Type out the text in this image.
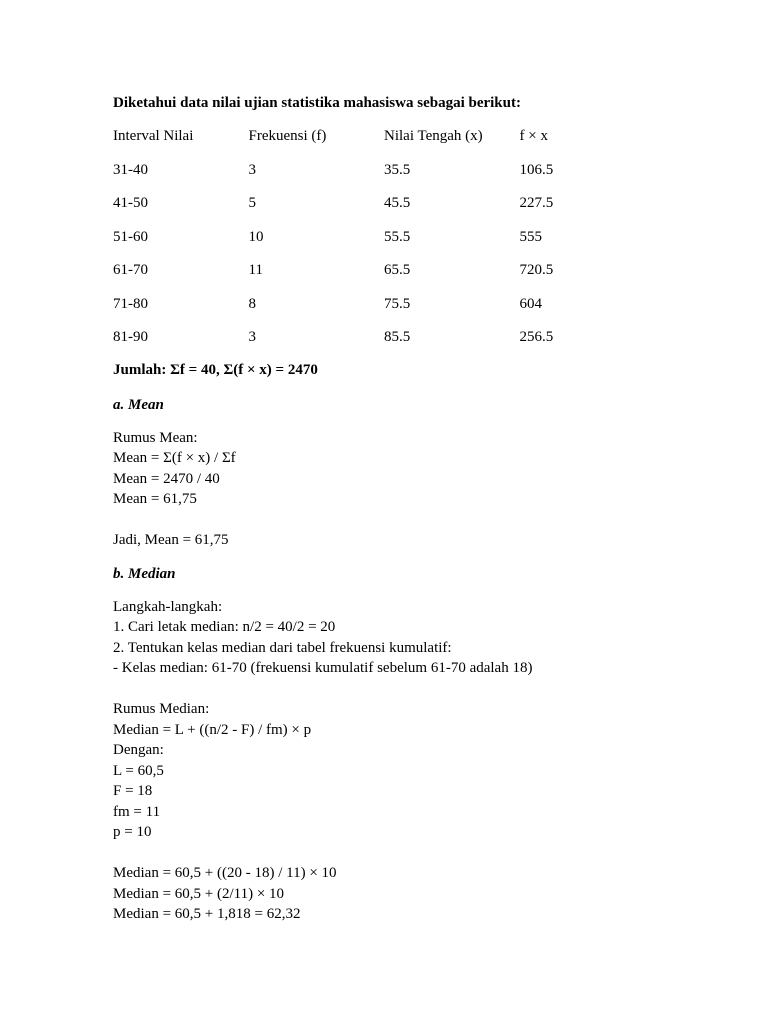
Diketahui data nilai ujian statistika mahasiswa sebagai berikut:

Interval Nilai	Frekuensi (f)	Nilai Tengah (x)	f × x
31-40	3	35.5	106.5
41-50	5	45.5	227.5
51-60	10	55.5	555
61-70	11	65.5	720.5
71-80	8	75.5	604
81-90	3	85.5	256.5

Jumlah: Σf = 40, Σ(f × x) = 2470

a. Mean
Rumus Mean:
Mean = Σ(f × x) / Σf
Mean = 2470 / 40
Mean = 61,75
Jadi, Mean = 61,75
b. Median
Langkah-langkah:
1. Cari letak median: n/2 = 40/2 = 20
2. Tentukan kelas median dari tabel frekuensi kumulatif:
- Kelas median: 61-70 (frekuensi kumulatif sebelum 61-70 adalah 18)
Rumus Median:
Median = L + ((n/2 - F) / fm) × p
Dengan:
L = 60,5
F = 18
fm = 11
p = 10
Median = 60,5 + ((20 - 18) / 11) × 10
Median = 60,5 + (2/11) × 10
Median = 60,5 + 1,818 = 62,32
